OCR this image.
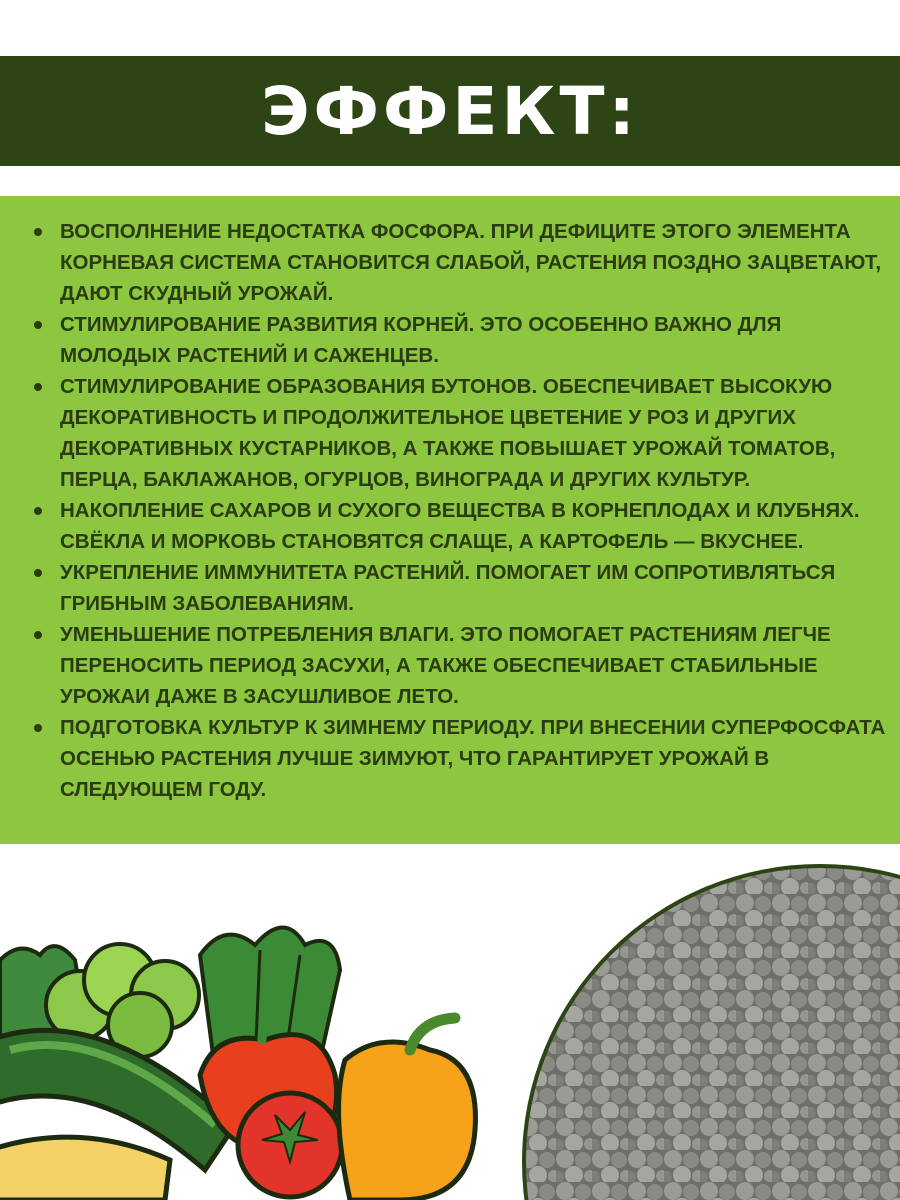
ЭФФЕКТ:
ВОСПОЛНЕНИЕ НЕДОСТАТКА ФОСФОРА. ПРИ ДЕФИЦИТЕ ЭТОГО ЭЛЕМЕНТА КОРНЕВАЯ СИСТЕМА СТАНОВИТСЯ СЛАБОЙ, РАСТЕНИЯ ПОЗДНО ЗАЦВЕТАЮТ, ДАЮТ СКУДНЫЙ УРОЖАЙ.
СТИМУЛИРОВАНИЕ РАЗВИТИЯ КОРНЕЙ. ЭТО ОСОБЕННО ВАЖНО ДЛЯ МОЛОДЫХ РАСТЕНИЙ И САЖЕНЦЕВ.
СТИМУЛИРОВАНИЕ ОБРАЗОВАНИЯ БУТОНОВ. ОБЕСПЕЧИВАЕТ ВЫСОКУЮ ДЕКОРАТИВНОСТЬ И ПРОДОЛЖИТЕЛЬНОЕ ЦВЕТЕНИЕ У РОЗ И ДРУГИХ ДЕКОРАТИВНЫХ КУСТАРНИКОВ, А ТАКЖЕ ПОВЫШАЕТ УРОЖАЙ ТОМАТОВ, ПЕРЦА, БАКЛАЖАНОВ, ОГУРЦОВ, ВИНОГРАДА И ДРУГИХ КУЛЬТУР.
НАКОПЛЕНИЕ САХАРОВ И СУХОГО ВЕЩЕСТВА В КОРНЕПЛОДАХ И КЛУБНЯХ. СВЁКЛА И МОРКОВЬ СТАНОВЯТСЯ СЛАЩЕ, А КАРТОФЕЛЬ — ВКУСНЕЕ.
УКРЕПЛЕНИЕ ИММУНИТЕТА РАСТЕНИЙ. ПОМОГАЕТ ИМ СОПРОТИВЛЯТЬСЯ ГРИБНЫМ ЗАБОЛЕВАНИЯМ.
УМЕНЬШЕНИЕ ПОТРЕБЛЕНИЯ ВЛАГИ. ЭТО ПОМОГАЕТ РАСТЕНИЯМ ЛЕГЧЕ ПЕРЕНОСИТЬ ПЕРИОД ЗАСУХИ, А ТАКЖЕ ОБЕСПЕЧИВАЕТ СТАБИЛЬНЫЕ УРОЖАИ ДАЖЕ В ЗАСУШЛИВОЕ ЛЕТО.
ПОДГОТОВКА КУЛЬТУР К ЗИМНЕМУ ПЕРИОДУ. ПРИ ВНЕСЕНИИ СУПЕРФОСФАТА ОСЕНЬЮ РАСТЕНИЯ ЛУЧШЕ ЗИМУЮТ, ЧТО ГАРАНТИРУЕТ УРОЖАЙ В СЛЕДУЮЩЕМ ГОДУ.
